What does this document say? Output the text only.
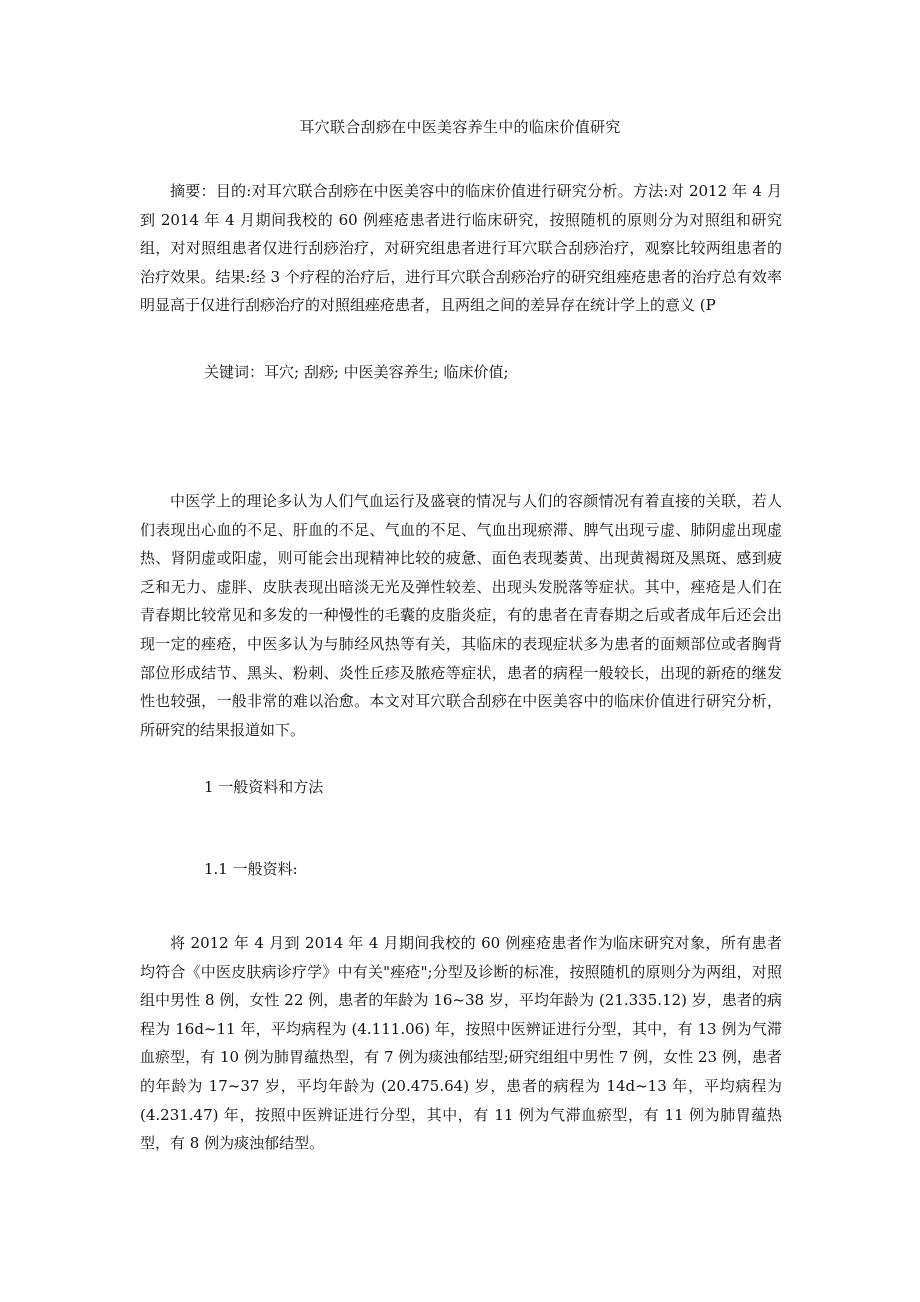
耳穴联合刮痧在中医美容养生中的临床价值研究

摘要：目的:对耳穴联合刮痧在中医美容中的临床价值进行研究分析。方法:对 2012 年 4 月到 2014 年 4 月期间我校的 60 例痤疮患者进行临床研究，按照随机的原则分为对照组和研究组，对对照组患者仅进行刮痧治疗，对研究组患者进行耳穴联合刮痧治疗，观察比较两组患者的治疗效果。结果:经 3 个疗程的治疗后，进行耳穴联合刮痧治疗的研究组痤疮患者的治疗总有效率明显高于仅进行刮痧治疗的对照组痤疮患者，且两组之间的差异存在统计学上的意义 (P

关键词：耳穴; 刮痧; 中医美容养生; 临床价值;

中医学上的理论多认为人们气血运行及盛衰的情况与人们的容颜情况有着直接的关联，若人们表现出心血的不足、肝血的不足、气血的不足、气血出现瘀滞、脾气出现亏虚、肺阴虚出现虚热、肾阴虚或阳虚，则可能会出现精神比较的疲惫、面色表现萎黄、出现黄褐斑及黑斑、感到疲乏和无力、虚胖、皮肤表现出暗淡无光及弹性较差、出现头发脱落等症状。其中，痤疮是人们在青春期比较常见和多发的一种慢性的毛囊的皮脂炎症，有的患者在青春期之后或者成年后还会出现一定的痤疮，中医多认为与肺经风热等有关，其临床的表现症状多为患者的面颊部位或者胸背部位形成结节、黑头、粉刺、炎性丘疹及脓疮等症状，患者的病程一般较长，出现的新疮的继发性也较强，一般非常的难以治愈。本文对耳穴联合刮痧在中医美容中的临床价值进行研究分析，所研究的结果报道如下。

1 一般资料和方法
1.1 一般资料:

将 2012 年 4 月到 2014 年 4 月期间我校的 60 例痤疮患者作为临床研究对象，所有患者均符合《中医皮肤病诊疗学》中有关"痤疮";分型及诊断的标准，按照随机的原则分为两组，对照组中男性 8 例，女性 22 例，患者的年龄为 16~38 岁，平均年龄为 (21.335.12) 岁，患者的病程为 16d~11 年，平均病程为 (4.111.06) 年，按照中医辨证进行分型，其中，有 13 例为气滞血瘀型，有 10 例为肺胃蕴热型，有 7 例为痰浊郁结型;研究组组中男性 7 例，女性 23 例，患者的年龄为 17~37 岁，平均年龄为 (20.475.64) 岁，患者的病程为 14d~13 年，平均病程为 (4.231.47) 年，按照中医辨证进行分型，其中，有 11 例为气滞血瘀型，有 11 例为肺胃蕴热型，有 8 例为痰浊郁结型。
